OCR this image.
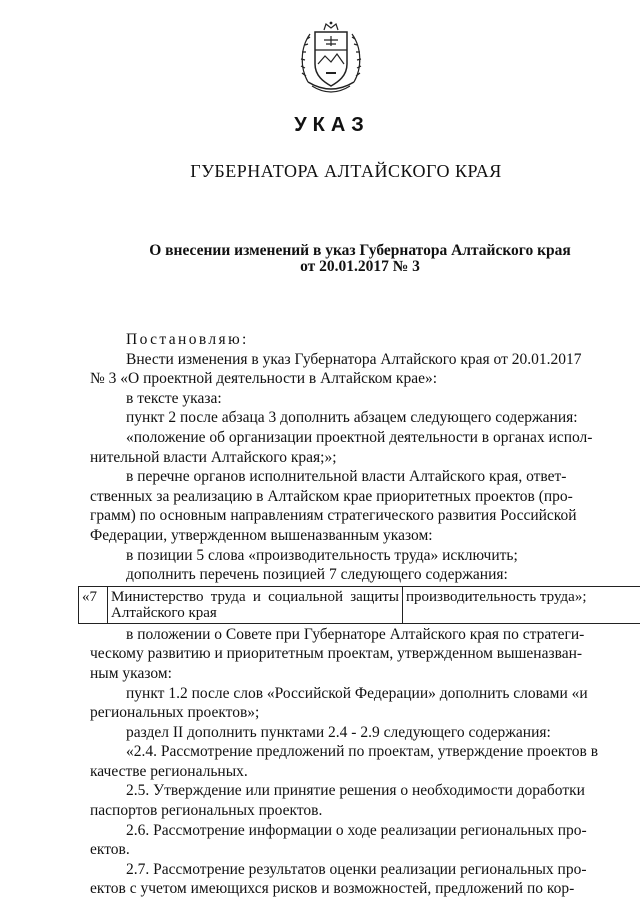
УКАЗ
ГУБЕРНАТОРА АЛТАЙСКОГО КРАЯ
О внесении изменений в указ Губернатора Алтайского края
от 20.01.2017 № 3
Постановляю:
Внести изменения в указ Губернатора Алтайского края от 20.01.2017
№ 3 «О проектной деятельности в Алтайском крае»:
в тексте указа:
пункт 2 после абзаца 3 дополнить абзацем следующего содержания:
«положение об организации проектной деятельности в органах испол-
нительной власти Алтайского края;»;
в перечне органов исполнительной власти Алтайского края, ответ-
ственных за реализацию в Алтайском крае приоритетных проектов (про-
грамм) по основным направлениям стратегического развития Российской
Федерации, утвержденном вышеназванным указом:
в позиции 5 слова «производительность труда» исключить;
дополнить перечень позицией 7 следующего содержания:
«7	Министерство труда и социальной защиты Алтайского края	производительность труда»;
в положении о Совете при Губернаторе Алтайского края по стратеги-
ческому развитию и приоритетным проектам, утвержденном вышеназван-
ным указом:
пункт 1.2 после слов «Российской Федерации» дополнить словами «и
региональных проектов»;
раздел II дополнить пунктами 2.4 - 2.9 следующего содержания:
«2.4. Рассмотрение предложений по проектам, утверждение проектов в
качестве региональных.
2.5. Утверждение или принятие решения о необходимости доработки
паспортов региональных проектов.
2.6. Рассмотрение информации о ходе реализации региональных про-
ектов.
2.7. Рассмотрение результатов оценки реализации региональных про-
ектов с учетом имеющихся рисков и возможностей, предложений по кор-
